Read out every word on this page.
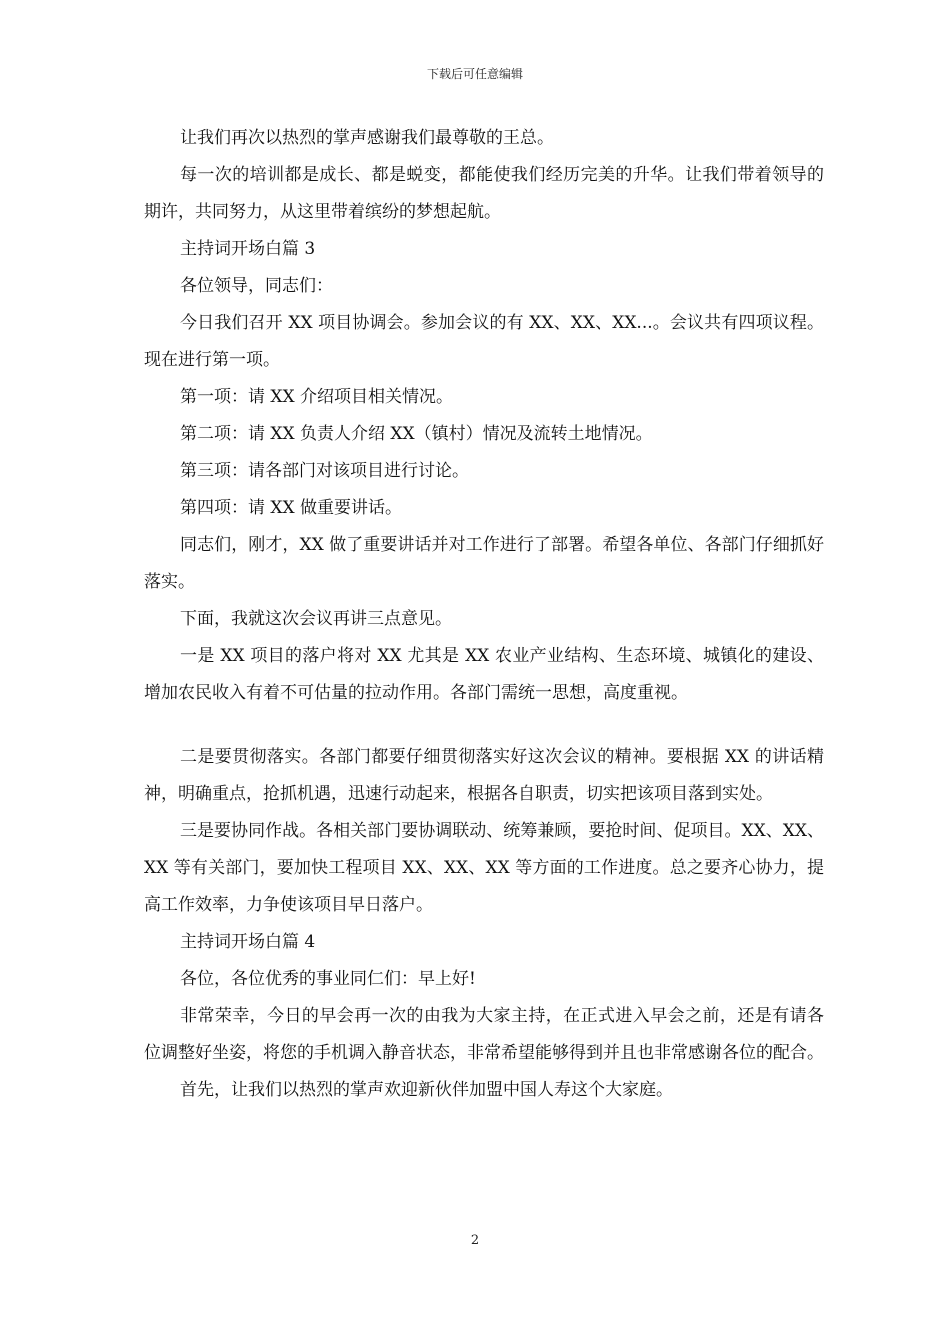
下载后可任意编辑

让我们再次以热烈的掌声感谢我们最尊敬的王总。

每一次的培训都是成长、都是蜕变，都能使我们经历完美的升华。让我们带着领导的期许，共同努力，从这里带着缤纷的梦想起航。

主持词开场白篇 3

各位领导，同志们：

今日我们召开 XX 项目协调会。参加会议的有 XX、XX、XX...。会议共有四项议程。现在进行第一项。

第一项：请 XX 介绍项目相关情况。

第二项：请 XX 负责人介绍 XX（镇村）情况及流转土地情况。

第三项：请各部门对该项目进行讨论。

第四项：请 XX 做重要讲话。

同志们，刚才，XX 做了重要讲话并对工作进行了部署。希望各单位、各部门仔细抓好落实。

下面，我就这次会议再讲三点意见。

一是 XX 项目的落户将对 XX 尤其是 XX 农业产业结构、生态环境、城镇化的建设、增加农民收入有着不可估量的拉动作用。各部门需统一思想，高度重视。

二是要贯彻落实。各部门都要仔细贯彻落实好这次会议的精神。要根据 XX 的讲话精神，明确重点，抢抓机遇，迅速行动起来，根据各自职责，切实把该项目落到实处。

三是要协同作战。各相关部门要协调联动、统筹兼顾，要抢时间、促项目。XX、XX、XX 等有关部门，要加快工程项目 XX、XX、XX 等方面的工作进度。总之要齐心协力，提高工作效率，力争使该项目早日落户。

主持词开场白篇 4

各位，各位优秀的事业同仁们：早上好!

非常荣幸，今日的早会再一次的由我为大家主持，在正式进入早会之前，还是有请各位调整好坐姿，将您的手机调入静音状态，非常希望能够得到并且也非常感谢各位的配合。

首先，让我们以热烈的掌声欢迎新伙伴加盟中国人寿这个大家庭。

2
